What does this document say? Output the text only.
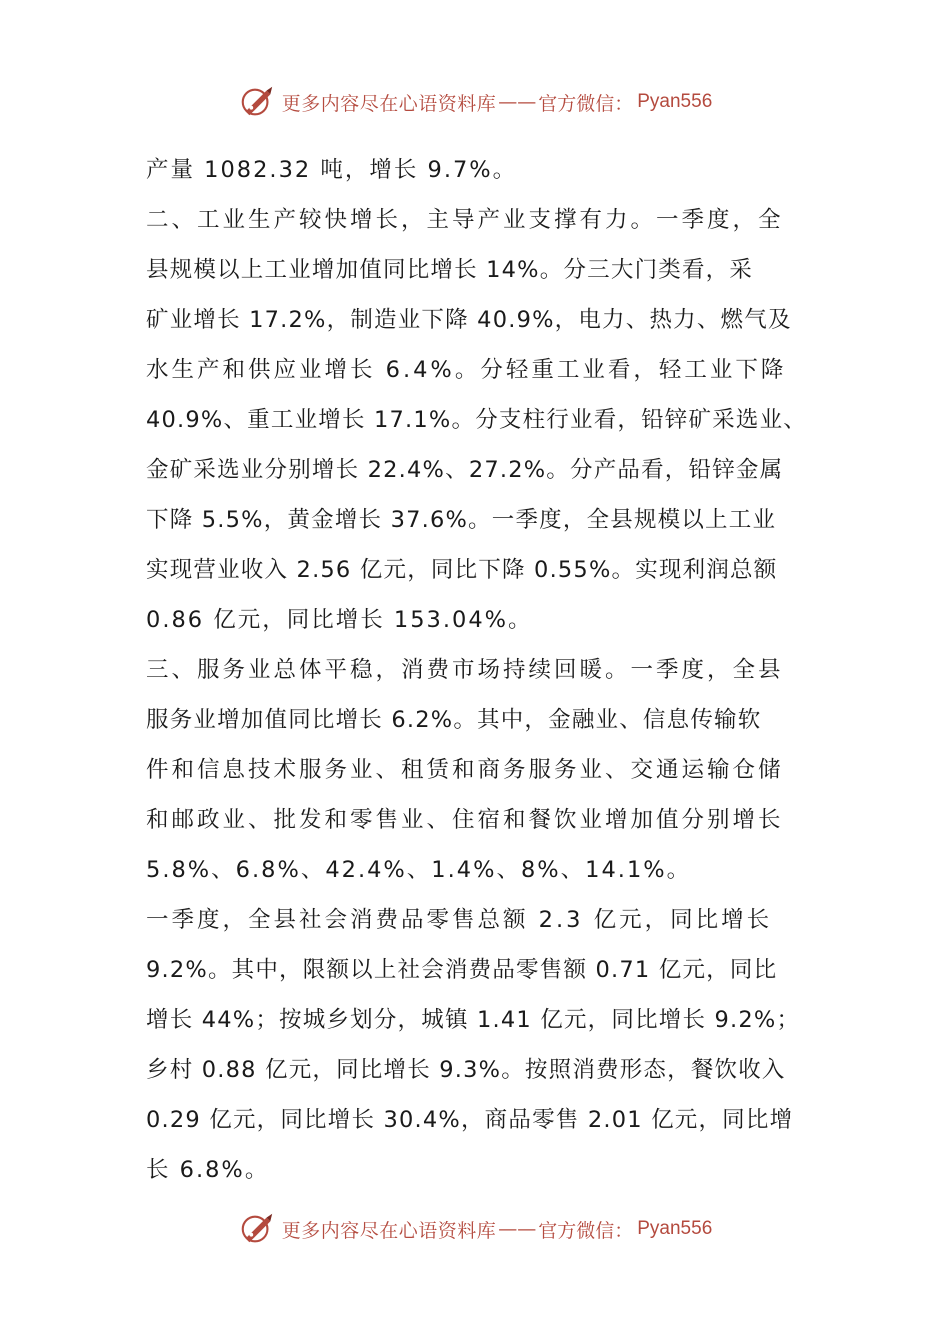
更多内容尽在心语资料库 —— 官方微信： Pyan556
产量 1082.32 吨，增长 9.7%。
二、工业生产较快增长，主导产业支撑有力。一季度，全
县规模以上工业增加值同比增长 14%。分三大门类看，采
矿业增长 17.2%，制造业下降 40.9%，电力、热力、燃气及
水生产和供应业增长 6.4%。分轻重工业看，轻工业下降
40.9%、重工业增长 17.1%。分支柱行业看，铅锌矿采选业、
金矿采选业分别增长 22.4%、27.2%。分产品看，铅锌金属
下降 5.5%，黄金增长 37.6%。一季度，全县规模以上工业
实现营业收入 2.56 亿元，同比下降 0.55%。实现利润总额
0.86 亿元，同比增长 153.04%。
三、服务业总体平稳，消费市场持续回暖。一季度，全县
服务业增加值同比增长 6.2%。其中，金融业、信息传输软
件和信息技术服务业、租赁和商务服务业、交通运输仓储
和邮政业、批发和零售业、住宿和餐饮业增加值分别增长
5.8%、6.8%、42.4%、1.4%、8%、14.1%。
一季度，全县社会消费品零售总额 2.3 亿元，同比增长
9.2%。其中，限额以上社会消费品零售额 0.71 亿元，同比
增长 44%；按城乡划分，城镇 1.41 亿元，同比增长 9.2%；
乡村 0.88 亿元，同比增长 9.3%。按照消费形态，餐饮收入
0.29 亿元，同比增长 30.4%，商品零售 2.01 亿元，同比增
长 6.8%。
更多内容尽在心语资料库 —— 官方微信： Pyan556
